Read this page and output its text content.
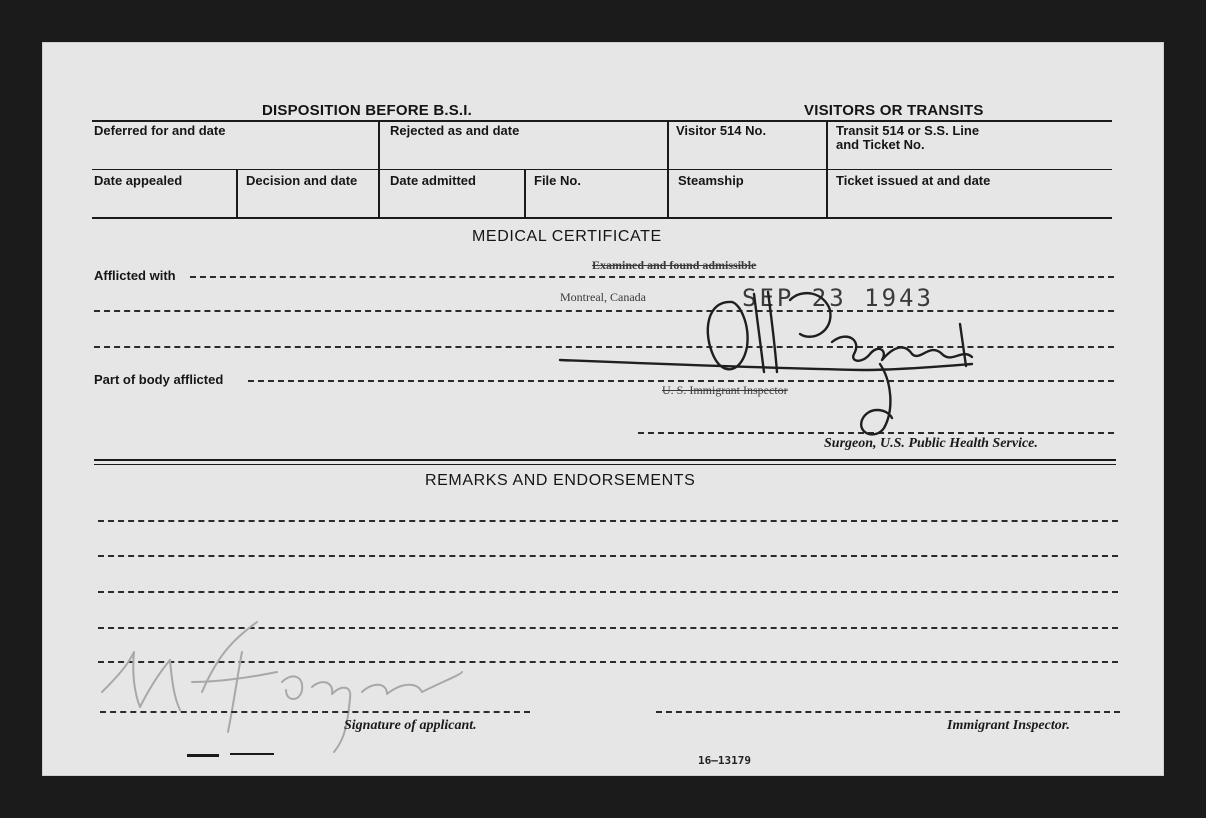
DISPOSITION BEFORE B.S.I.	VISITORS OR TRANSITS
Deferred for and date	Rejected as and date	Visitor 514 No.	Transit 514 or S.S. Line
and Ticket No.
Date appealed	Decision and date	Date admitted	File No.	Steamship	Ticket issued at and date
MEDICAL CERTIFICATE
Afflicted with
Part of body afflicted
Surgeon, U.S. Public Health Service.
Examined and found admissible
Montreal, Canada	SEP 23 1943
U. S. Immigrant Inspector
REMARKS AND ENDORSEMENTS
Signature of applicant.	Immigrant Inspector.
16—13179
